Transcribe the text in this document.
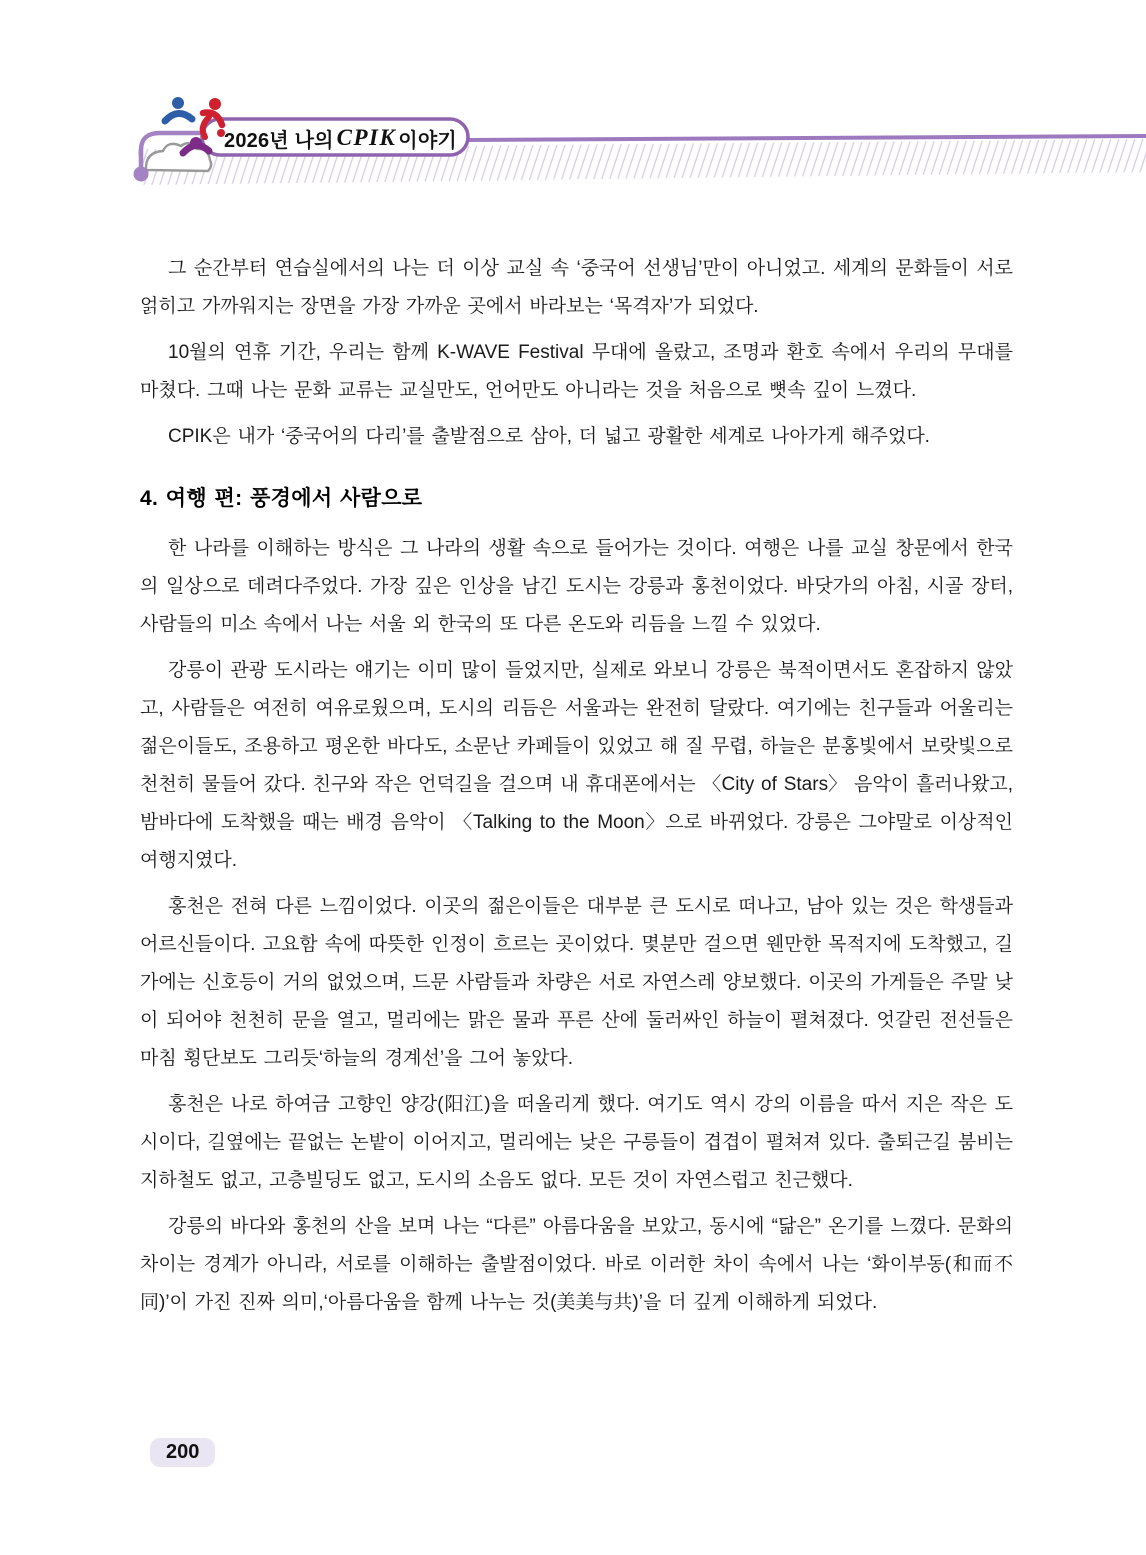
2026년 나의 CPIK 이야기

그 순간부터 연습실에서의 나는 더 이상 교실 속 ‘중국어 선생님’만이 아니었고. 세계의 문화들이 서로 얽히고 가까워지는 장면을 가장 가까운 곳에서 바라보는 ‘목격자’가 되었다.

10월의 연휴 기간, 우리는 함께 K-WAVE Festival 무대에 올랐고, 조명과 환호 속에서 우리의 무대를 마쳤다. 그때 나는 문화 교류는 교실만도, 언어만도 아니라는 것을 처음으로 뼛속 깊이 느꼈다.

CPIK은 내가 ‘중국어의 다리’를 출발점으로 삼아, 더 넓고 광활한 세계로 나아가게 해주었다.

4. 여행 편: 풍경에서 사람으로

한 나라를 이해하는 방식은 그 나라의 생활 속으로 들어가는 것이다. 여행은 나를 교실 창문에서 한국의 일상으로 데려다주었다. 가장 깊은 인상을 남긴 도시는 강릉과 홍천이었다. 바닷가의 아침, 시골 장터, 사람들의 미소 속에서 나는 서울 외 한국의 또 다른 온도와 리듬을 느낄 수 있었다.

강릉이 관광 도시라는 얘기는 이미 많이 들었지만, 실제로 와보니 강릉은 북적이면서도 혼잡하지 않았고, 사람들은 여전히 여유로웠으며, 도시의 리듬은 서울과는 완전히 달랐다. 여기에는 친구들과 어울리는 젊은이들도, 조용하고 평온한 바다도, 소문난 카페들이 있었고 해 질 무렵, 하늘은 분홍빛에서 보랏빛으로 천천히 물들어 갔다. 친구와 작은 언덕길을 걸으며 내 휴대폰에서는 〈City of Stars〉 음악이 흘러나왔고, 밤바다에 도착했을 때는 배경 음악이 〈Talking to the Moon〉으로 바뀌었다. 강릉은 그야말로 이상적인 여행지였다.

홍천은 전혀 다른 느낌이었다. 이곳의 젊은이들은 대부분 큰 도시로 떠나고, 남아 있는 것은 학생들과 어르신들이다. 고요함 속에 따뜻한 인정이 흐르는 곳이었다. 몇분만 걸으면 웬만한 목적지에 도착했고, 길가에는 신호등이 거의 없었으며, 드문 사람들과 차량은 서로 자연스레 양보했다. 이곳의 가게들은 주말 낮이 되어야 천천히 문을 열고, 멀리에는 맑은 물과 푸른 산에 둘러싸인 하늘이 펼쳐졌다. 엇갈린 전선들은 마침 횡단보도 그리듯‘하늘의 경계선’을 그어 놓았다.

홍천은 나로 하여금 고향인 양강(阳江)을 떠올리게 했다. 여기도 역시 강의 이름을 따서 지은 작은 도시이다, 길옆에는 끝없는 논밭이 이어지고, 멀리에는 낮은 구릉들이 겹겹이 펼쳐져 있다. 출퇴근길 붐비는 지하철도 없고, 고층빌딩도 없고, 도시의 소음도 없다. 모든 것이 자연스럽고 친근했다.

강릉의 바다와 홍천의 산을 보며 나는 “다른” 아름다움을 보았고, 동시에 “닮은” 온기를 느꼈다. 문화의 차이는 경계가 아니라, 서로를 이해하는 출발점이었다. 바로 이러한 차이 속에서 나는 ‘화이부동(和而不同)’이 가진 진짜 의미,‘아름다움을 함께 나누는 것(美美与共)’을 더 깊게 이해하게 되었다.

200
